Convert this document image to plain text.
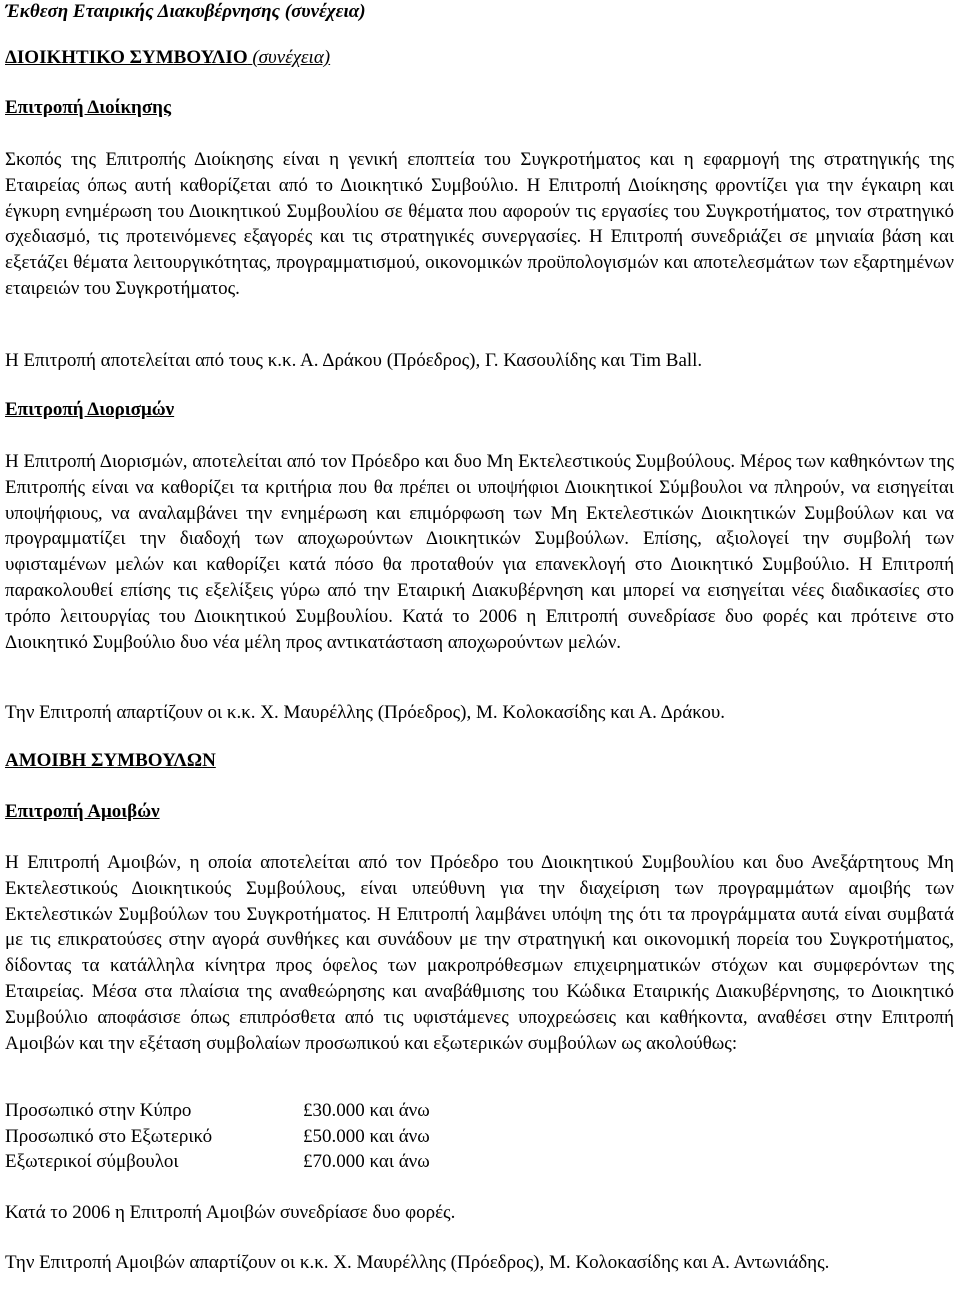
Έκθεση Εταιρικής Διακυβέρνησης (συνέχεια)
ΔΙΟΙΚΗΤΙΚΟ ΣΥΜΒΟΥΛΙΟ (συνέχεια)
Επιτροπή Διοίκησης
Σκοπός της Επιτροπής Διοίκησης είναι η γενική εποπτεία του Συγκροτήματος και η εφαρμογή της στρατηγικής της Εταιρείας όπως αυτή καθορίζεται από το Διοικητικό Συμβούλιο. Η Επιτροπή Διοίκησης φροντίζει για την έγκαιρη και έγκυρη ενημέρωση του Διοικητικού Συμβουλίου σε θέματα που αφορούν τις εργασίες του Συγκροτήματος, τον στρατηγικό σχεδιασμό, τις προτεινόμενες εξαγορές και τις στρατηγικές συνεργασίες. Η Επιτροπή συνεδριάζει σε μηνιαία βάση και εξετάζει θέματα λειτουργικότητας, προγραμματισμού, οικονομικών προϋπολογισμών και αποτελεσμάτων των εξαρτημένων εταιρειών του Συγκροτήματος.
Η Επιτροπή αποτελείται από τους κ.κ. Α. Δράκου (Πρόεδρος), Γ. Κασουλίδης και Tim Ball.
Επιτροπή Διορισμών
Η Επιτροπή Διορισμών, αποτελείται από τον Πρόεδρο και δυο Μη Εκτελεστικούς Συμβούλους. Μέρος των καθηκόντων της Επιτροπής είναι να καθορίζει τα κριτήρια που θα πρέπει οι υποψήφιοι Διοικητικοί Σύμβουλοι να πληρούν, να εισηγείται υποψήφιους, να αναλαμβάνει την ενημέρωση και επιμόρφωση των Μη Εκτελεστικών Διοικητικών Συμβούλων και να προγραμματίζει την διαδοχή των αποχωρούντων Διοικητικών Συμβούλων. Επίσης, αξιολογεί την συμβολή των υφισταμένων μελών και καθορίζει κατά πόσο θα προταθούν για επανεκλογή στο Διοικητικό Συμβούλιο. Η Επιτροπή παρακολουθεί επίσης τις εξελίξεις γύρω από την Εταιρική Διακυβέρνηση και μπορεί να εισηγείται νέες διαδικασίες στο τρόπο λειτουργίας του Διοικητικού Συμβουλίου. Κατά το 2006 η Επιτροπή συνεδρίασε δυο φορές και πρότεινε στο Διοικητικό Συμβούλιο δυο νέα μέλη προς αντικατάσταση αποχωρούντων μελών.
Την Επιτροπή απαρτίζουν οι κ.κ. Χ. Μαυρέλλης (Πρόεδρος), Μ. Κολοκασίδης και Α. Δράκου.
ΑΜΟΙΒΗ ΣΥΜΒΟΥΛΩΝ
Επιτροπή Αμοιβών
Η Επιτροπή Αμοιβών, η οποία αποτελείται από τον Πρόεδρο του Διοικητικού Συμβουλίου και δυο Ανεξάρτητους Μη Εκτελεστικούς Διοικητικούς Συμβούλους, είναι υπεύθυνη για την διαχείριση των προγραμμάτων αμοιβής των Εκτελεστικών Συμβούλων του Συγκροτήματος. Η Επιτροπή λαμβάνει υπόψη της ότι τα προγράμματα αυτά είναι συμβατά με τις επικρατούσες στην αγορά συνθήκες και συνάδουν με την στρατηγική και οικονομική πορεία του Συγκροτήματος, δίδοντας τα κατάλληλα κίνητρα προς όφελος των μακροπρόθεσμων επιχειρηματικών στόχων και συμφερόντων της Εταιρείας. Μέσα στα πλαίσια της αναθεώρησης και αναβάθμισης του Κώδικα Εταιρικής Διακυβέρνησης, το Διοικητικό Συμβούλιο αποφάσισε όπως επιπρόσθετα από τις υφιστάμενες υποχρεώσεις και καθήκοντα, αναθέσει στην Επιτροπή Αμοιβών και την εξέταση συμβολαίων προσωπικού και εξωτερικών συμβούλων ως ακολούθως:
Προσωπικό στην Κύπρο	£30.000 και άνω
Προσωπικό στο Εξωτερικό	£50.000 και άνω
Εξωτερικοί σύμβουλοι	£70.000 και άνω
Κατά το 2006 η Επιτροπή Αμοιβών συνεδρίασε δυο φορές.
Την Επιτροπή Αμοιβών απαρτίζουν οι κ.κ. Χ. Μαυρέλλης (Πρόεδρος), Μ. Κολοκασίδης και Α. Αντωνιάδης.
